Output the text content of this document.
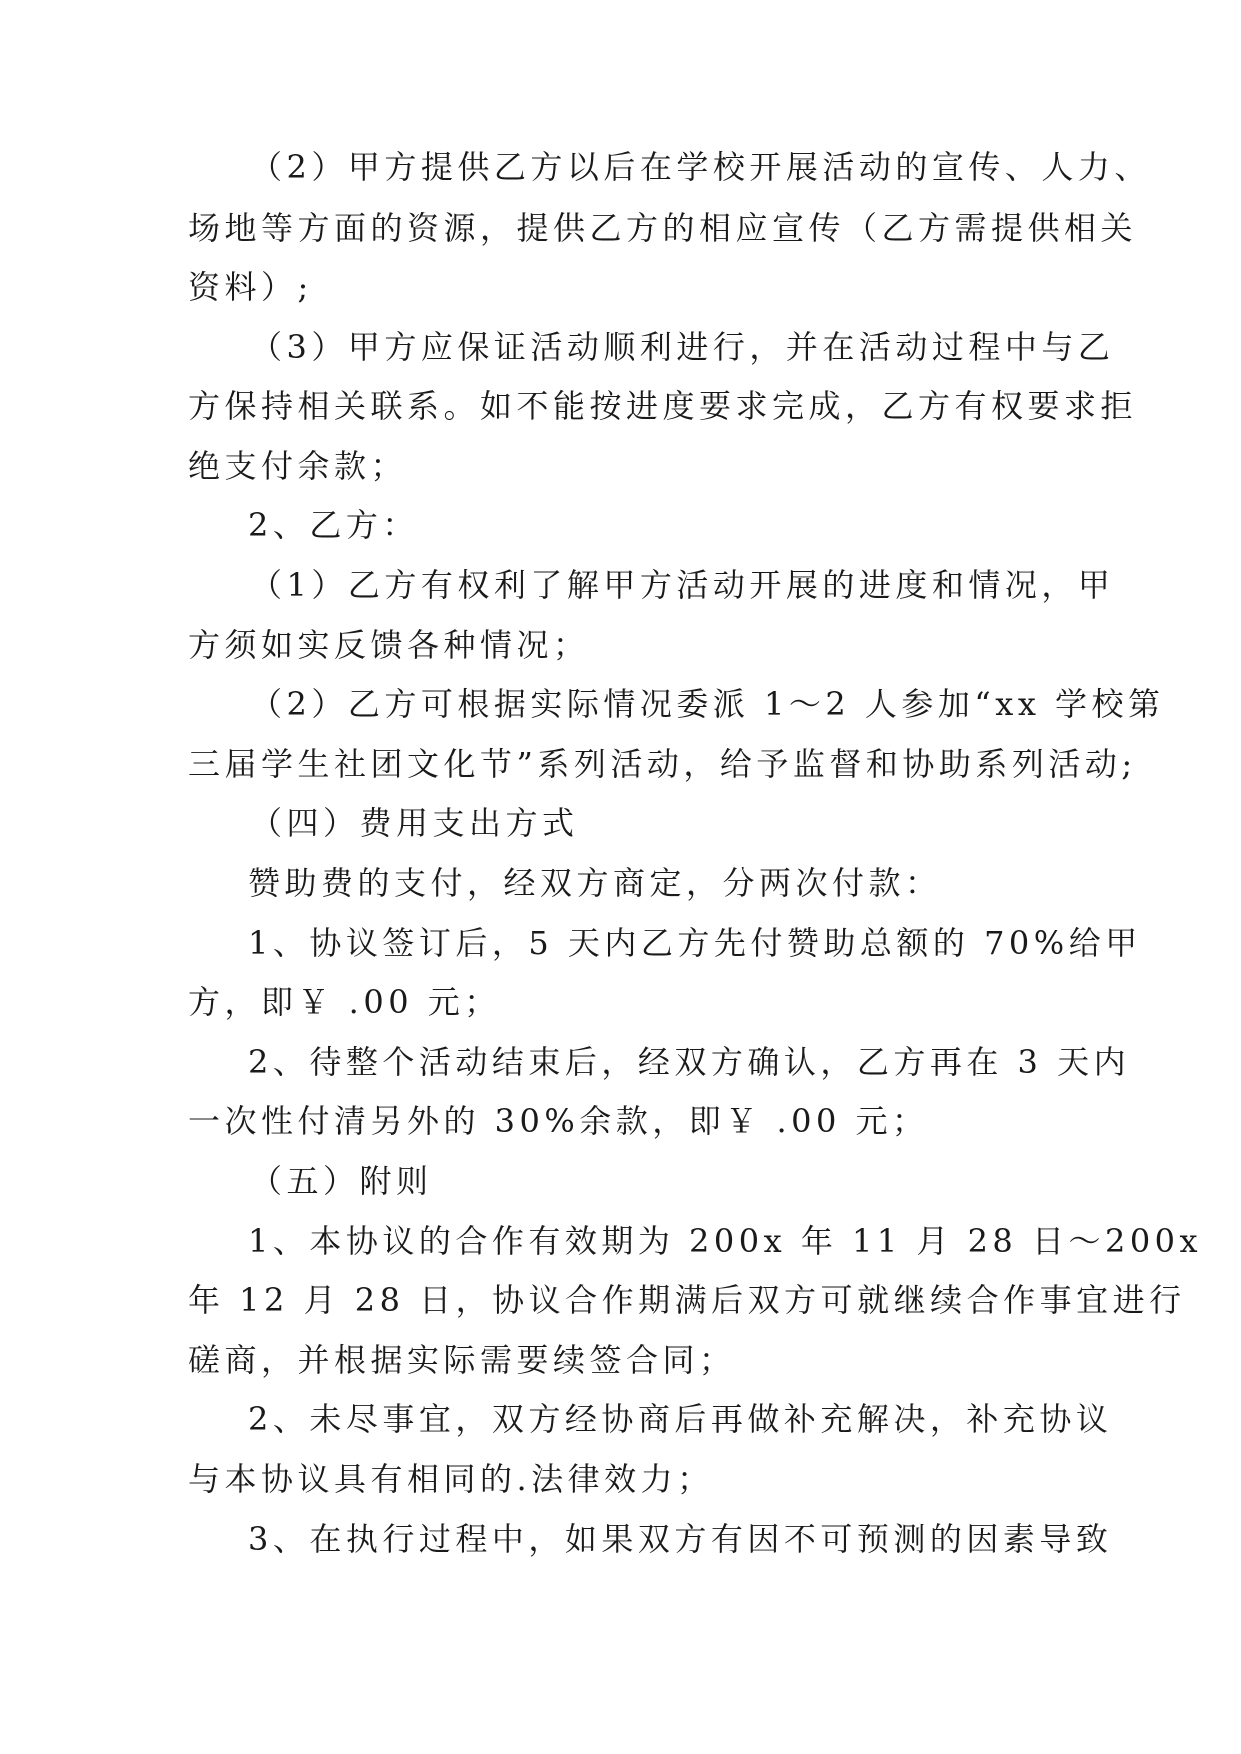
（2）甲方提供乙方以后在学校开展活动的宣传、人力、
场地等方面的资源，提供乙方的相应宣传（乙方需提供相关
资料）;
（3）甲方应保证活动顺利进行，并在活动过程中与乙
方保持相关联系。如不能按进度要求完成，乙方有权要求拒
绝支付余款；
2、乙方：
（1）乙方有权利了解甲方活动开展的进度和情况，甲
方须如实反馈各种情况；
（2）乙方可根据实际情况委派 1～2 人参加“xx 学校第
三届学生社团文化节”系列活动，给予监督和协助系列活动;
（四）费用支出方式
赞助费的支付，经双方商定，分两次付款：
1、协议签订后，5 天内乙方先付赞助总额的 70%给甲
方，即￥ .00 元；
2、待整个活动结束后，经双方确认，乙方再在 3 天内
一次性付清另外的 30%余款，即￥ .00 元；
（五）附则
1、本协议的合作有效期为 200x 年 11 月 28 日～200x
年 12 月 28 日，协议合作期满后双方可就继续合作事宜进行
磋商，并根据实际需要续签合同；
2、未尽事宜，双方经协商后再做补充解决，补充协议
与本协议具有相同的.法律效力；
3、在执行过程中，如果双方有因不可预测的因素导致
